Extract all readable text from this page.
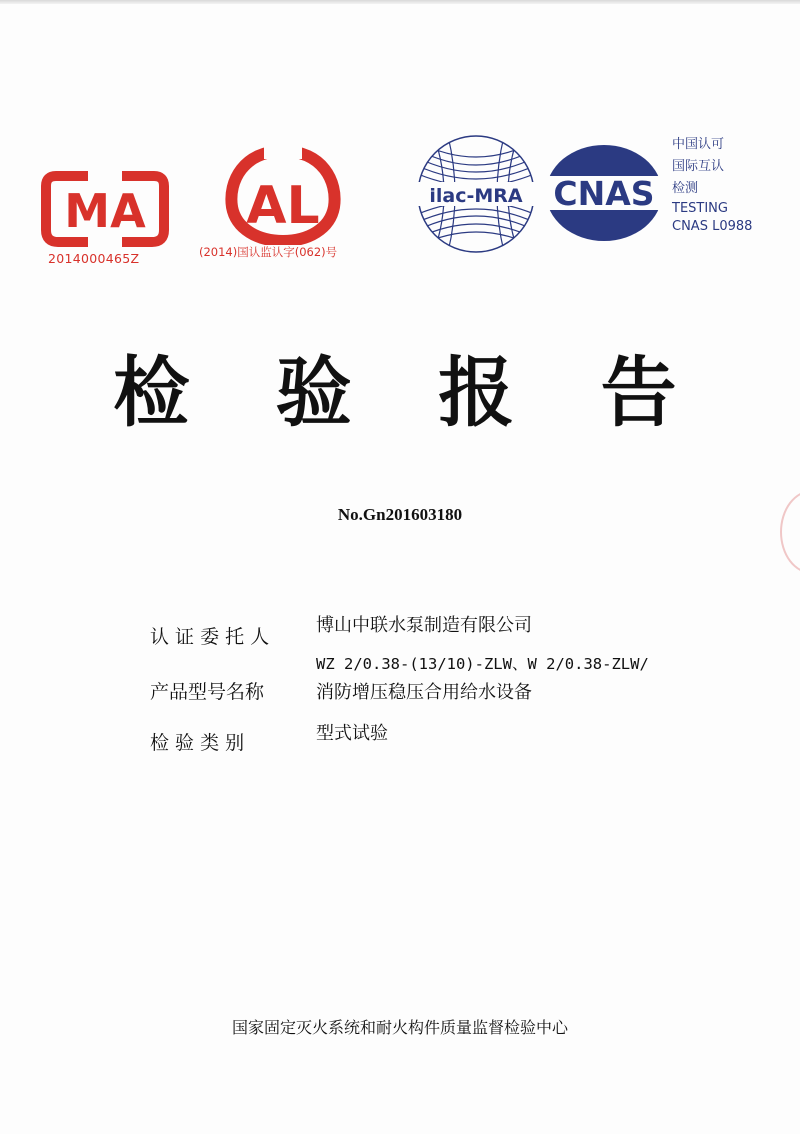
MA
2014000465Z
AL
(2014)国认监认字(062)号
ilac-MRA CNAS
中国认可
国际互认
检测
TESTING
CNAS L0988
检 验 报 告
No.Gn201603180
认 证 委 托 人
博山中联水泵制造有限公司
产品型号名称
WZ 2/0.38-(13/10)-ZLW、W 2/0.38-ZLW/
消防增压稳压合用给水设备
检 验 类 别	型式试验
国家固定灭火系统和耐火构件质量监督检验中心
